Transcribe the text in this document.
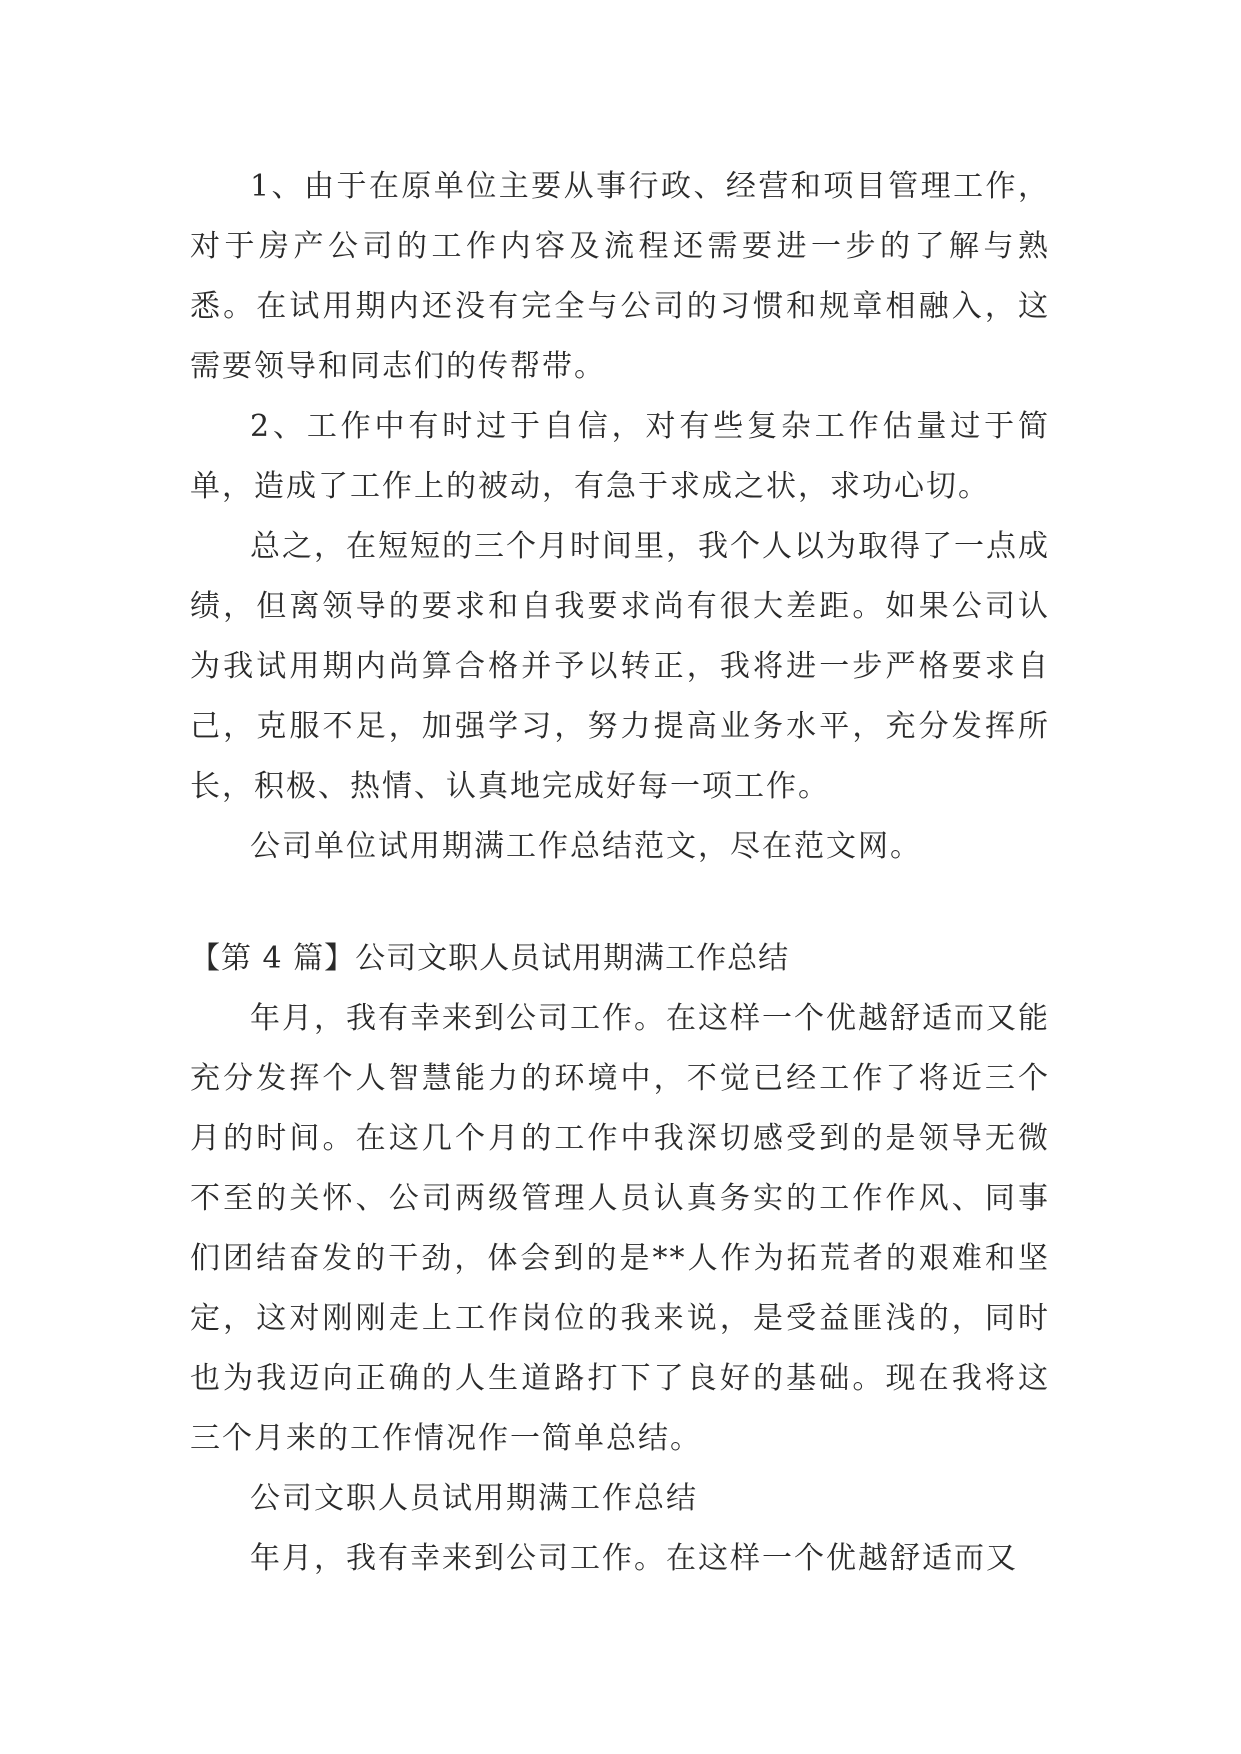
1、由于在原单位主要从事行政、经营和项目管理工作，对于房产公司的工作内容及流程还需要进一步的了解与熟悉。在试用期内还没有完全与公司的习惯和规章相融入，这需要领导和同志们的传帮带。

2、工作中有时过于自信，对有些复杂工作估量过于简单，造成了工作上的被动，有急于求成之状，求功心切。

总之，在短短的三个月时间里，我个人以为取得了一点成绩，但离领导的要求和自我要求尚有很大差距。如果公司认为我试用期内尚算合格并予以转正，我将进一步严格要求自己，克服不足，加强学习，努力提高业务水平，充分发挥所长，积极、热情、认真地完成好每一项工作。

公司单位试用期满工作总结范文，尽在范文网。

【第 4 篇】公司文职人员试用期满工作总结

年月，我有幸来到公司工作。在这样一个优越舒适而又能充分发挥个人智慧能力的环境中，不觉已经工作了将近三个月的时间。在这几个月的工作中我深切感受到的是领导无微不至的关怀、公司两级管理人员认真务实的工作作风、同事们团结奋发的干劲，体会到的是**人作为拓荒者的艰难和坚定，这对刚刚走上工作岗位的我来说，是受益匪浅的，同时也为我迈向正确的人生道路打下了良好的基础。现在我将这三个月来的工作情况作一简单总结。

公司文职人员试用期满工作总结

年月，我有幸来到公司工作。在这样一个优越舒适而又
